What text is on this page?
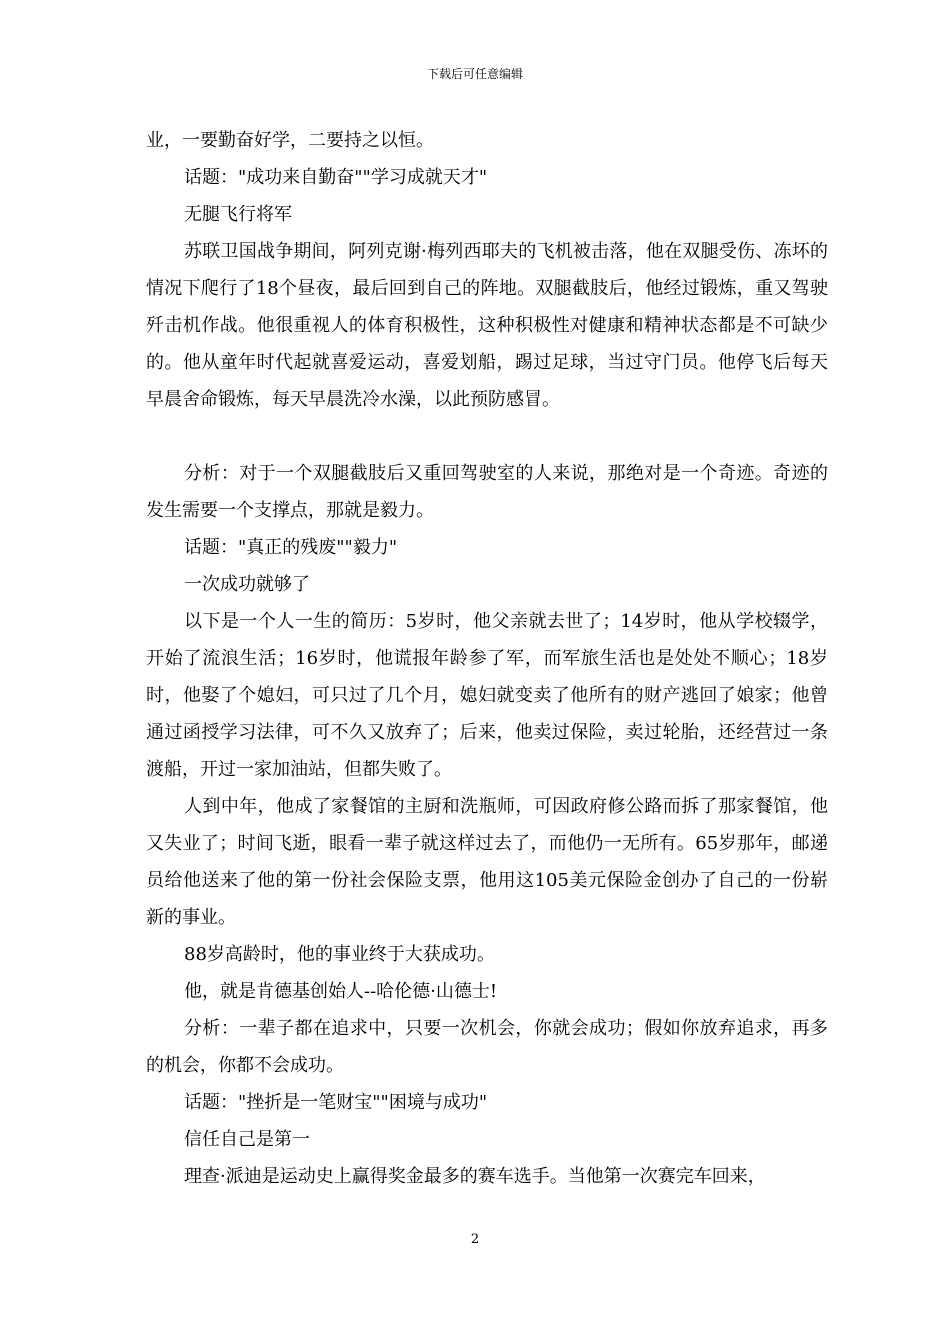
下载后可任意编辑

业，一要勤奋好学，二要持之以恒。

话题："成功来自勤奋""学习成就天才"

无腿飞行将军

苏联卫国战争期间，阿列克谢·梅列西耶夫的飞机被击落，他在双腿受伤、冻坏的情况下爬行了18个昼夜，最后回到自己的阵地。双腿截肢后，他经过锻炼，重又驾驶歼击机作战。他很重视人的体育积极性，这种积极性对健康和精神状态都是不可缺少的。他从童年时代起就喜爱运动，喜爱划船，踢过足球，当过守门员。他停飞后每天早晨舍命锻炼，每天早晨洗冷水澡，以此预防感冒。

分析：对于一个双腿截肢后又重回驾驶室的人来说，那绝对是一个奇迹。奇迹的发生需要一个支撑点，那就是毅力。

话题："真正的残废""毅力"

一次成功就够了

以下是一个人一生的简历：5岁时，他父亲就去世了；14岁时，他从学校辍学，开始了流浪生活；16岁时，他谎报年龄参了军，而军旅生活也是处处不顺心；18岁时，他娶了个媳妇，可只过了几个月，媳妇就变卖了他所有的财产逃回了娘家；他曾通过函授学习法律，可不久又放弃了；后来，他卖过保险，卖过轮胎，还经营过一条渡船，开过一家加油站，但都失败了。

人到中年，他成了家餐馆的主厨和洗瓶师，可因政府修公路而拆了那家餐馆，他又失业了；时间飞逝，眼看一辈子就这样过去了，而他仍一无所有。65岁那年，邮递员给他送来了他的第一份社会保险支票，他用这105美元保险金创办了自己的一份崭新的事业。

88岁高龄时，他的事业终于大获成功。

他，就是肯德基创始人--哈伦德·山德士!

分析：一辈子都在追求中，只要一次机会，你就会成功；假如你放弃追求，再多的机会，你都不会成功。

话题："挫折是一笔财宝""困境与成功"

信任自己是第一

理查·派迪是运动史上赢得奖金最多的赛车选手。当他第一次赛完车回来，

2
